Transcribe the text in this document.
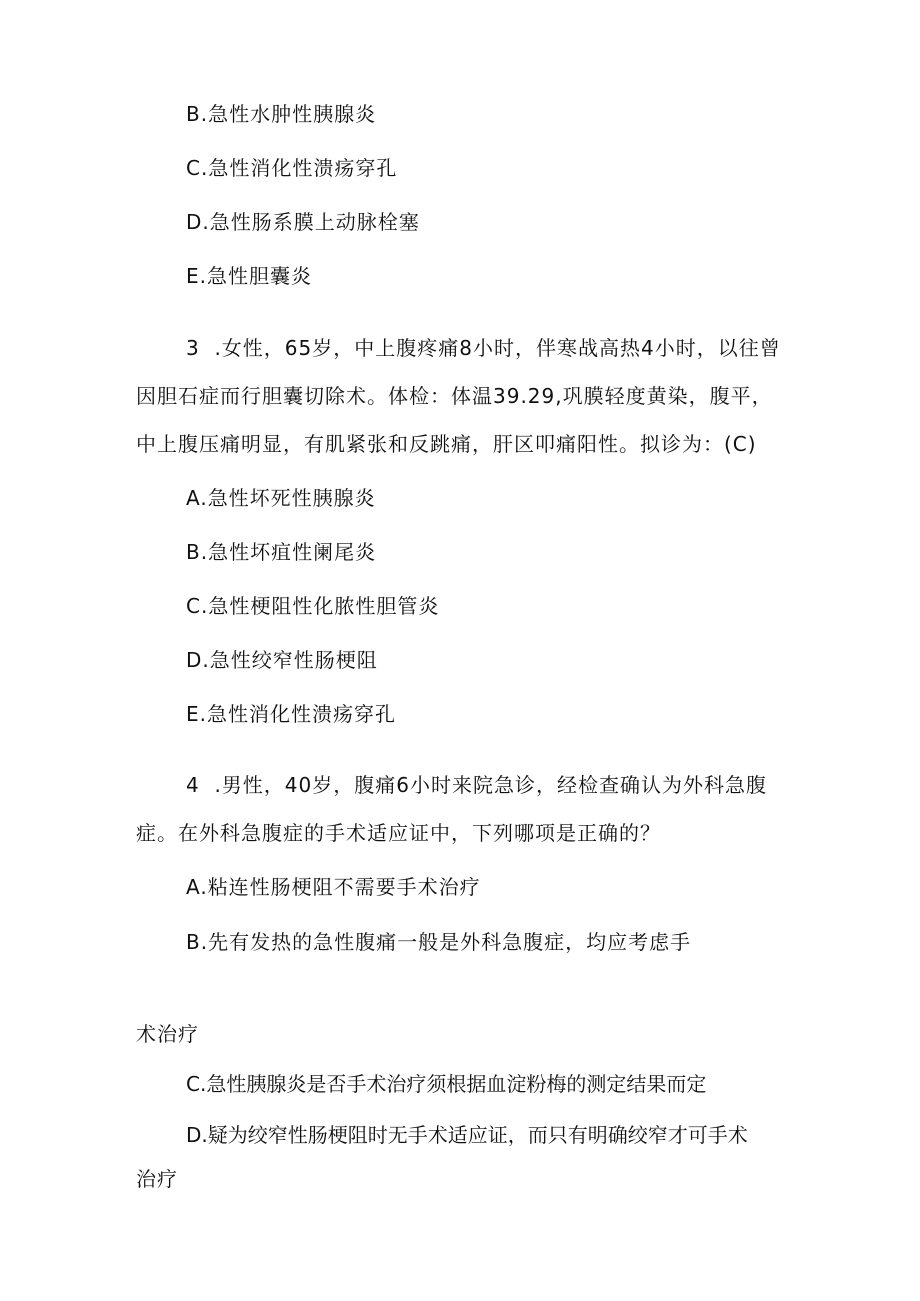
B.急性水肿性胰腺炎
C.急性消化性溃疡穿孔
D.急性肠系膜上动脉栓塞
E.急性胆囊炎
3  .女性，65岁，中上腹疼痛8小时，伴寒战高热4小时，以往曾
因胆石症而行胆囊切除术。体检：体温39.29,巩膜轻度黄染，腹平，
中上腹压痛明显，有肌紧张和反跳痛，肝区叩痛阳性。拟诊为：(C)
A.急性坏死性胰腺炎
B.急性坏疽性阑尾炎
C.急性梗阻性化脓性胆管炎
D.急性绞窄性肠梗阻
E.急性消化性溃疡穿孔
4  .男性，40岁，腹痛6小时来院急诊，经检查确认为外科急腹
症。在外科急腹症的手术适应证中，下列哪项是正确的？
A.粘连性肠梗阻不需要手术治疗
B.先有发热的急性腹痛一般是外科急腹症，均应考虑手
术治疗
C.急性胰腺炎是否手术治疗须根据血淀粉梅的测定结果而定
D.疑为绞窄性肠梗阻时无手术适应证，而只有明确绞窄才可手术
治疗
